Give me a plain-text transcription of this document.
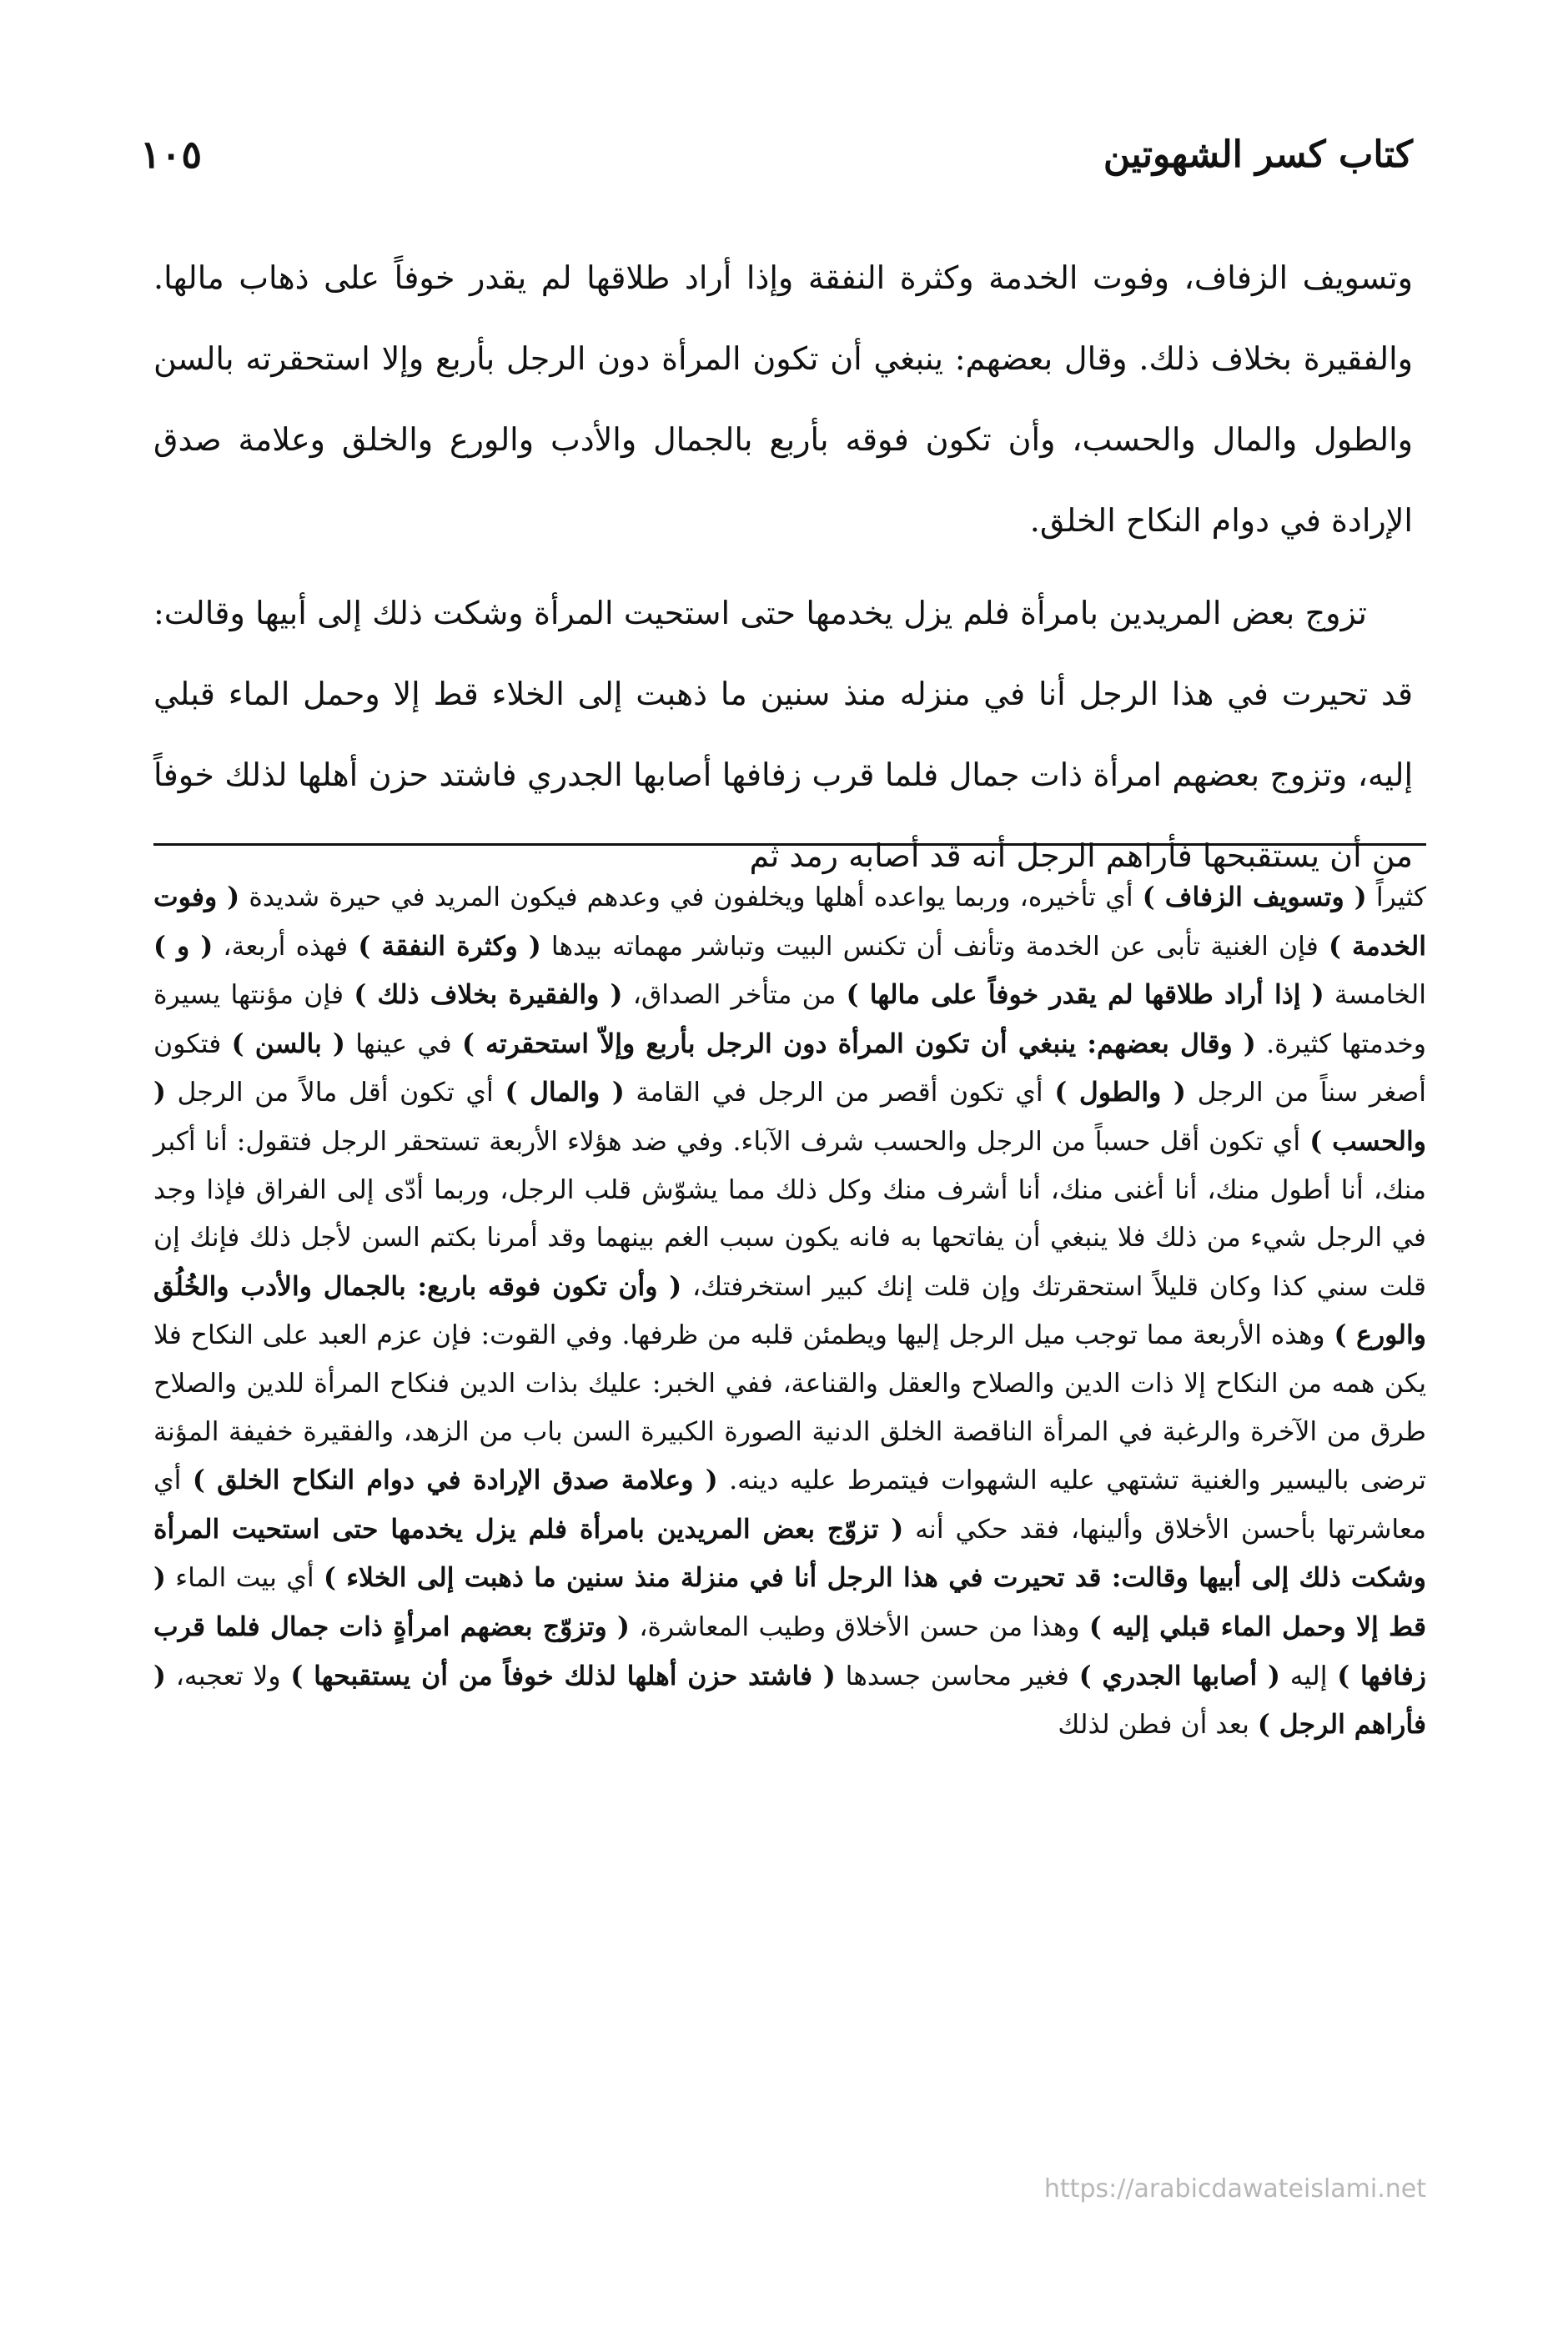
كتاب كسر الشهوتين
١٠٥

وتسويف الزفاف، وفوت الخدمة وكثرة النفقة وإذا أراد طلاقها لم يقدر خوفاً على ذهاب مالها. والفقيرة بخلاف ذلك. وقال بعضهم: ينبغي أن تكون المرأة دون الرجل بأربع وإلا استحقرته بالسن والطول والمال والحسب، وأن تكون فوقه بأربع بالجمال والأدب والورع والخلق وعلامة صدق الإرادة في دوام النكاح الخلق.

تزوج بعض المريدين بامرأة فلم يزل يخدمها حتى استحيت المرأة وشكت ذلك إلى أبيها وقالت: قد تحيرت في هذا الرجل أنا في منزله منذ سنين ما ذهبت إلى الخلاء قط إلا وحمل الماء قبلي إليه، وتزوج بعضهم امرأة ذات جمال فلما قرب زفافها أصابها الجدري فاشتد حزن أهلها لذلك خوفاً من أن يستقبحها فأراهم الرجل أنه قد أصابه رمد ثم

كثيراً ( وتسويف الزفاف ) أي تأخيره، وربما يواعده أهلها ويخلفون في وعدهم فيكون المريد في حيرة شديدة ( وفوت الخدمة ) فإن الغنية تأبى عن الخدمة وتأنف أن تكنس البيت وتباشر مهماته بيدها ( وكثرة النفقة ) فهذه أربعة، ( و ) الخامسة ( إذا أراد طلاقها لم يقدر خوفاً على مالها ) من متأخر الصداق، ( والفقيرة بخلاف ذلك ) فإن مؤنتها يسيرة وخدمتها كثيرة. ( وقال بعضهم: ينبغي أن تكون المرأة دون الرجل بأربع وإلاّ استحقرته ) في عينها ( بالسن ) فتكون أصغر سناً من الرجل ( والطول ) أي تكون أقصر من الرجل في القامة ( والمال ) أي تكون أقل مالاً من الرجل ( والحسب ) أي تكون أقل حسباً من الرجل والحسب شرف الآباء. وفي ضد هؤلاء الأربعة تستحقر الرجل فتقول: أنا أكبر منك، أنا أطول منك، أنا أغنى منك، أنا أشرف منك وكل ذلك مما يشوّش قلب الرجل، وربما أدّى إلى الفراق فإذا وجد في الرجل شيء من ذلك فلا ينبغي أن يفاتحها به فانه يكون سبب الغم بينهما وقد أمرنا بكتم السن لأجل ذلك فإنك إن قلت سني كذا وكان قليلاً استحقرتك وإن قلت إنك كبير استخرفتك، ( وأن تكون فوقه باربع: بالجمال والأدب والخُلُق والورع ) وهذه الأربعة مما توجب ميل الرجل إليها ويطمئن قلبه من ظرفها. وفي القوت: فإن عزم العبد على النكاح فلا يكن همه من النكاح إلا ذات الدين والصلاح والعقل والقناعة، ففي الخبر: عليك بذات الدين فنكاح المرأة للدين والصلاح طرق من الآخرة والرغبة في المرأة الناقصة الخلق الدنية الصورة الكبيرة السن باب من الزهد، والفقيرة خفيفة المؤنة ترضى باليسير والغنية تشتهي عليه الشهوات فيتمرط عليه دينه. ( وعلامة صدق الإرادة في دوام النكاح الخلق ) أي معاشرتها بأحسن الأخلاق وألينها، فقد حكي أنه ( تزوّج بعض المريدين بامرأة فلم يزل يخدمها حتى استحيت المرأة وشكت ذلك إلى أبيها وقالت: قد تحيرت في هذا الرجل أنا في منزلة منذ سنين ما ذهبت إلى الخلاء ) أي بيت الماء ( قط إلا وحمل الماء قبلي إليه ) وهذا من حسن الأخلاق وطيب المعاشرة، ( وتزوّج بعضهم امرأةٍ ذات جمال فلما قرب زفافها ) إليه ( أصابها الجدري ) فغير محاسن جسدها ( فاشتد حزن أهلها لذلك خوفاً من أن يستقبحها ) ولا تعجبه، ( فأراهم الرجل ) بعد أن فطن لذلك

https://arabicdawateislami.net
